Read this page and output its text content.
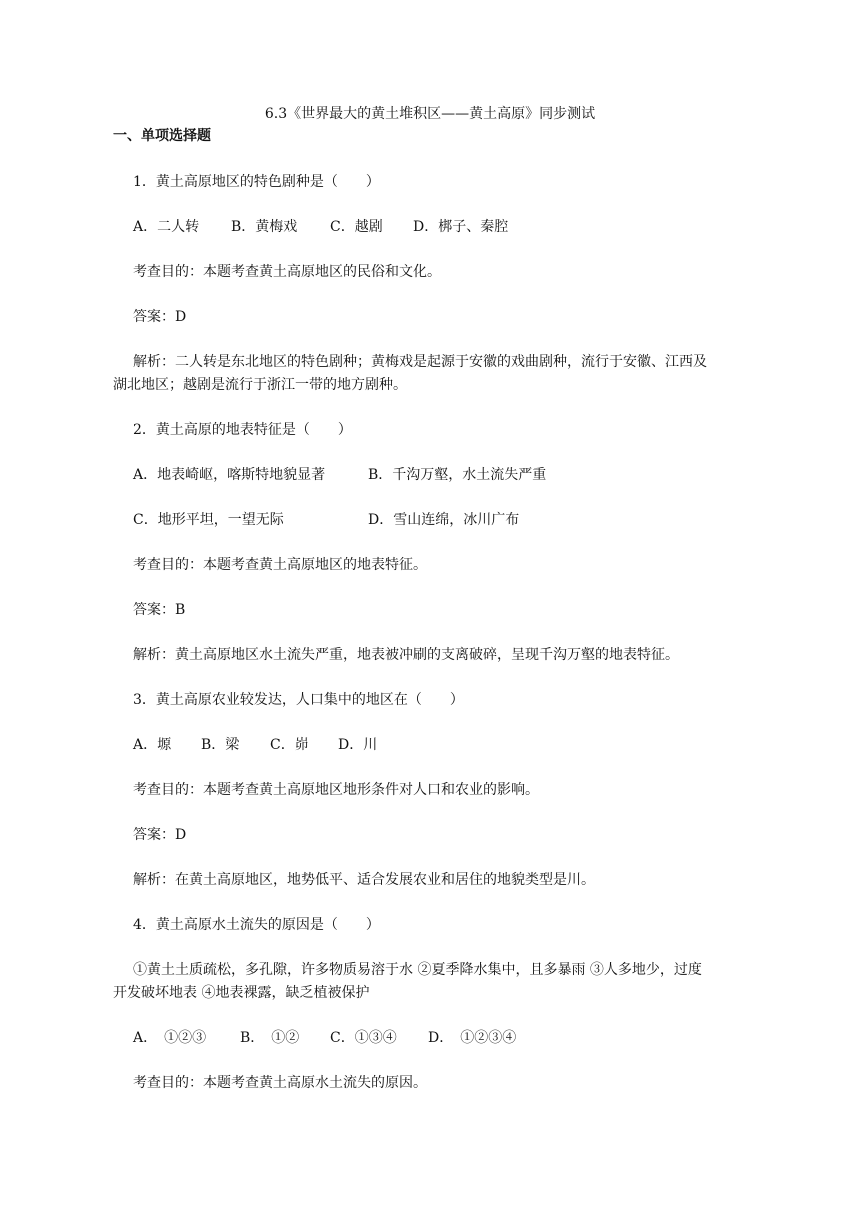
6.3《世界最大的黄土堆积区——黄土高原》同步测试
一、单项选择题
1．黄土高原地区的特色剧种是（　　）
A．二人转 B．黄梅戏 C．越剧 D．梆子、秦腔
考查目的：本题考查黄土高原地区的民俗和文化。
答案：D
解析：二人转是东北地区的特色剧种；黄梅戏是起源于安徽的戏曲剧种，流行于安徽、江西及
湖北地区；越剧是流行于浙江一带的地方剧种。
2．黄土高原的地表特征是（　　）
A．地表崎岖，喀斯特地貌显著	B．千沟万壑，水土流失严重
C．地形平坦，一望无际	D．雪山连绵，冰川广布
考查目的：本题考查黄土高原地区的地表特征。
答案：B
解析：黄土高原地区水土流失严重，地表被冲刷的支离破碎，呈现千沟万壑的地表特征。
3．黄土高原农业较发达，人口集中的地区在（　　）
A．塬 B．梁 C．峁 D．川
考查目的：本题考查黄土高原地区地形条件对人口和农业的影响。
答案：D
解析：在黄土高原地区，地势低平、适合发展农业和居住的地貌类型是川。
4．黄土高原水土流失的原因是（　　）
①黄土土质疏松，多孔隙，许多物质易溶于水 ②夏季降水集中，且多暴雨 ③人多地少，过度
开发破坏地表 ④地表裸露，缺乏植被保护
A．　①②③ B．　①② C．①③④ D．　①②③④
考查目的：本题考查黄土高原水土流失的原因。
